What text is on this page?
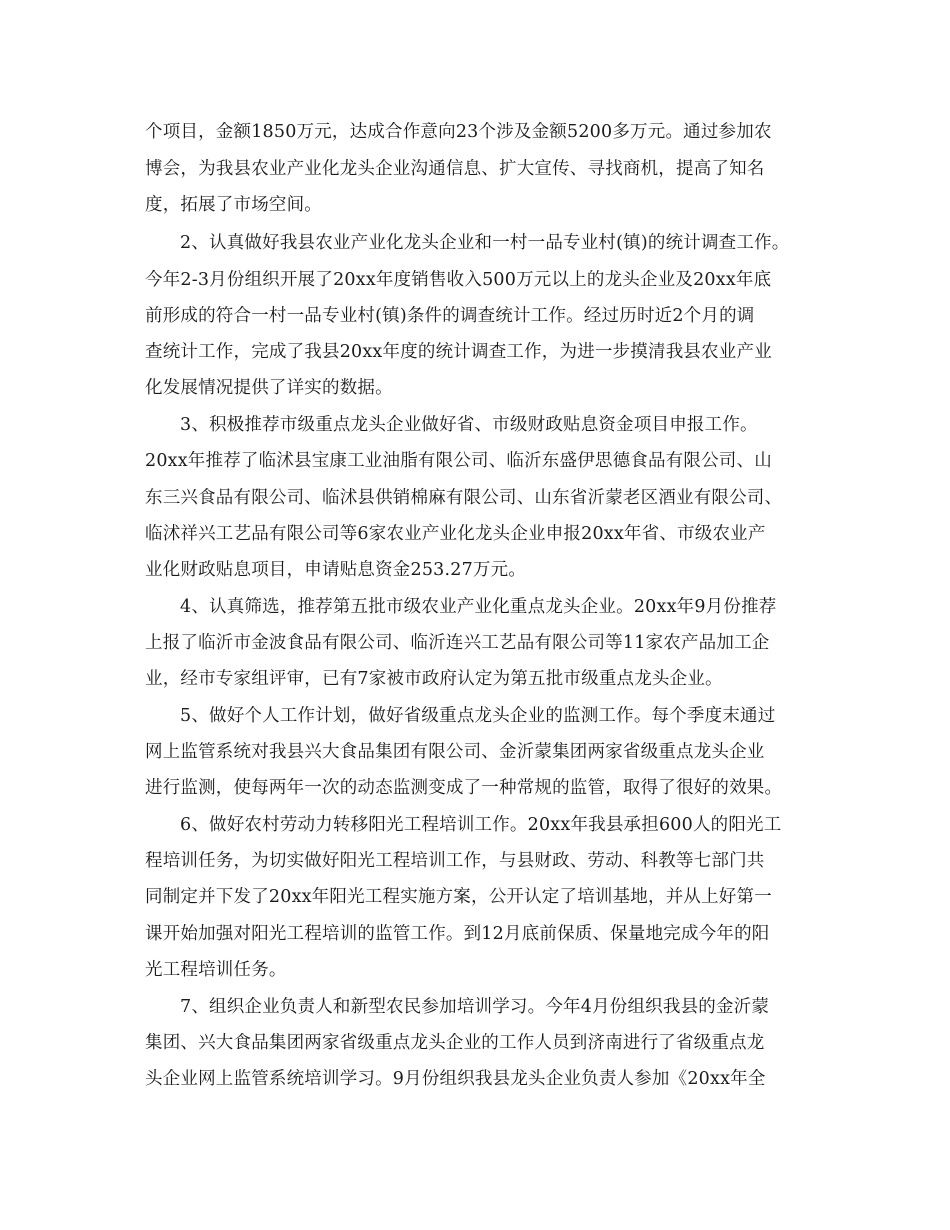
个项目，金额1850万元，达成合作意向23个涉及金额5200多万元。通过参加农
博会，为我县农业产业化龙头企业沟通信息、扩大宣传、寻找商机，提高了知名
度，拓展了市场空间。
2、认真做好我县农业产业化龙头企业和一村一品专业村(镇)的统计调查工作。
今年2-3月份组织开展了20xx年度销售收入500万元以上的龙头企业及20xx年底
前形成的符合一村一品专业村(镇)条件的调查统计工作。经过历时近2个月的调
查统计工作，完成了我县20xx年度的统计调查工作，为进一步摸清我县农业产业
化发展情况提供了详实的数据。
3、积极推荐市级重点龙头企业做好省、市级财政贴息资金项目申报工作。
20xx年推荐了临沭县宝康工业油脂有限公司、临沂东盛伊思德食品有限公司、山
东三兴食品有限公司、临沭县供销棉麻有限公司、山东省沂蒙老区酒业有限公司、
临沭祥兴工艺品有限公司等6家农业产业化龙头企业申报20xx年省、市级农业产
业化财政贴息项目，申请贴息资金253.27万元。
4、认真筛选，推荐第五批市级农业产业化重点龙头企业。20xx年9月份推荐
上报了临沂市金波食品有限公司、临沂连兴工艺品有限公司等11家农产品加工企
业，经市专家组评审，已有7家被市政府认定为第五批市级重点龙头企业。
5、做好个人工作计划，做好省级重点龙头企业的监测工作。每个季度末通过
网上监管系统对我县兴大食品集团有限公司、金沂蒙集团两家省级重点龙头企业
进行监测，使每两年一次的动态监测变成了一种常规的监管，取得了很好的效果。
6、做好农村劳动力转移阳光工程培训工作。20xx年我县承担600人的阳光工
程培训任务，为切实做好阳光工程培训工作，与县财政、劳动、科教等七部门共
同制定并下发了20xx年阳光工程实施方案，公开认定了培训基地，并从上好第一
课开始加强对阳光工程培训的监管工作。到12月底前保质、保量地完成今年的阳
光工程培训任务。
7、组织企业负责人和新型农民参加培训学习。今年4月份组织我县的金沂蒙
集团、兴大食品集团两家省级重点龙头企业的工作人员到济南进行了省级重点龙
头企业网上监管系统培训学习。9月份组织我县龙头企业负责人参加《20xx年全
